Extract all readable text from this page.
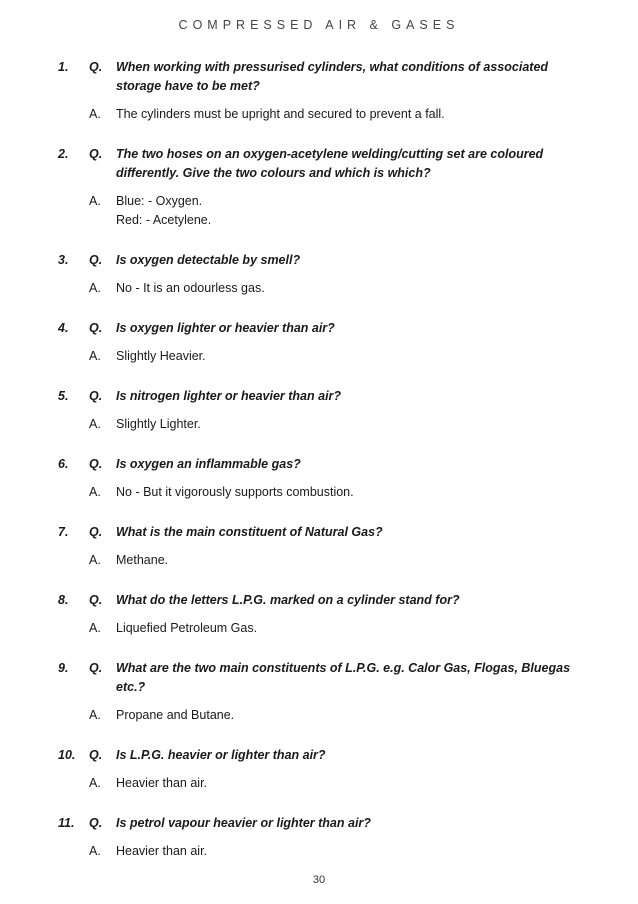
COMPRESSED AIR & GASES
1. Q. When working with pressurised cylinders, what conditions of associated storage have to be met?
A. The cylinders must be upright and secured to prevent a fall.
2. Q. The two hoses on an oxygen-acetylene welding/cutting set are coloured differently. Give the two colours and which is which?
A. Blue: - Oxygen.
Red: - Acetylene.
3. Q. Is oxygen detectable by smell?
A. No - It is an odourless gas.
4. Q. Is oxygen lighter or heavier than air?
A. Slightly Heavier.
5. Q. Is nitrogen lighter or heavier than air?
A. Slightly Lighter.
6. Q. Is oxygen an inflammable gas?
A. No - But it vigorously supports combustion.
7. Q. What is the main constituent of Natural Gas?
A. Methane.
8. Q. What do the letters L.P.G. marked on a cylinder stand for?
A. Liquefied Petroleum Gas.
9. Q. What are the two main constituents of L.P.G. e.g. Calor Gas, Flogas, Bluegas etc.?
A. Propane and Butane.
10. Q. Is L.P.G. heavier or lighter than air?
A. Heavier than air.
11. Q. Is petrol vapour heavier or lighter than air?
A. Heavier than air.
30
